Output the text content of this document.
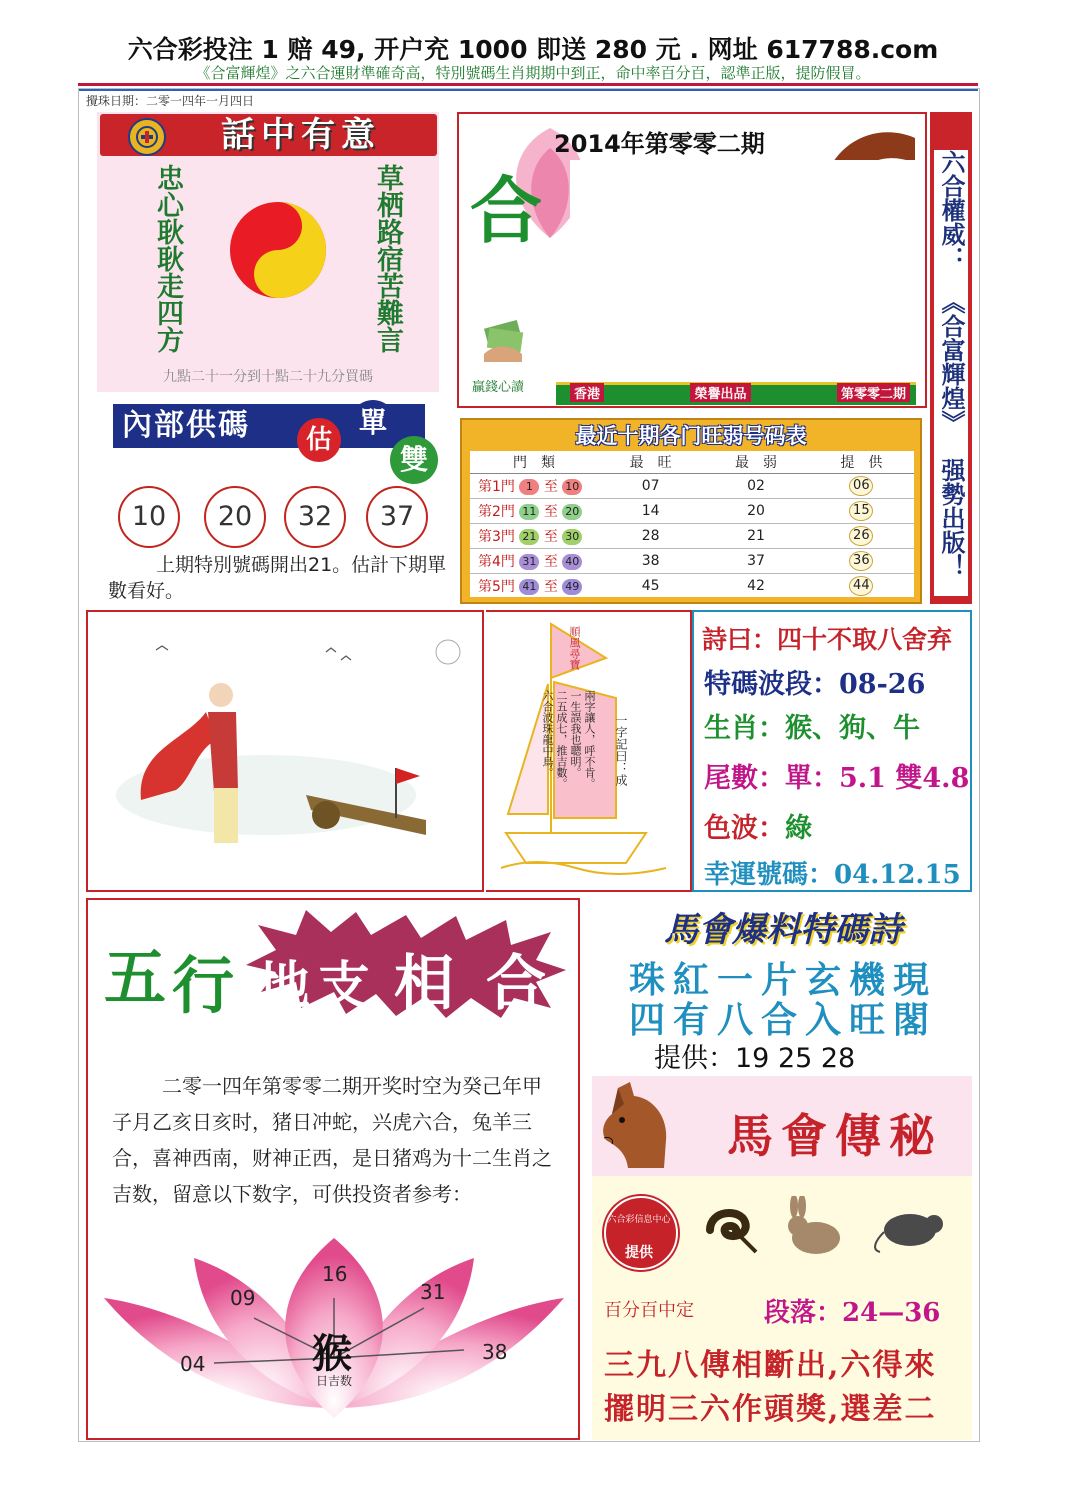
六合彩投注 1 赔 49, 开户充 1000 即送 280 元 . 网址 617788.com
《合富輝煌》之六合運財準確奇高，特別號碼生肖期期中到正，命中率百分百，認準正版，提防假冒。
攪珠日期：二零一四年一月四日
話中有意
忠心耿耿走四方	草栖路宿苦難言
九點二十一分到十點二十九分買碼
2014年第零零二期
合
贏錢心讀	香港	榮譽出品	第零零二期
六合權威：
《合富輝煌》
强勢出版！
內部供碼	估
單
雙
10	20	32	37
上期特別號碼開出21。估計下期單數看好。
最近十期各门旺弱号码表
門　類	最　旺	最　弱	提　供
第1門 1 至 10	07	02	06
第2門 11 至 20	14	20	15
第3門 21 至 30	28	21	26
第4門 31 至 40	38	37	36
第5門 41 至 49	45	42	44
順風尋寶
一字記曰：成
兩字讓人，呼不肯。
一生誤我也聰明。
二五成七，推吉數。
六合波珠龍中鳥。
詩曰：四十不取八舍弃
特碼波段：08-26
生肖：猴、狗、牛
尾數：單：5.1 雙4.8
色波：綠
幸運號碼：04.12.15
五 行 地 支 相 合
二零一四年第零零二期开奖时空为癸己年甲子月乙亥日亥时，猪日冲蛇，兴虎六合，兔羊三合，喜神西南，财神正西，是日猪鸡为十二生肖之吉数，留意以下数字，可供投资者参考：
04
09
16
31
38
猴
日吉数
馬會爆料特碼詩
珠紅一片玄機現
四有八合入旺閣
提供：19 25 28
馬會傳秘
六合彩信息中心
提供
百分百中定	段落：24—36
三九八傳相斷出,六得來
擺明三六作頭獎,選差二
